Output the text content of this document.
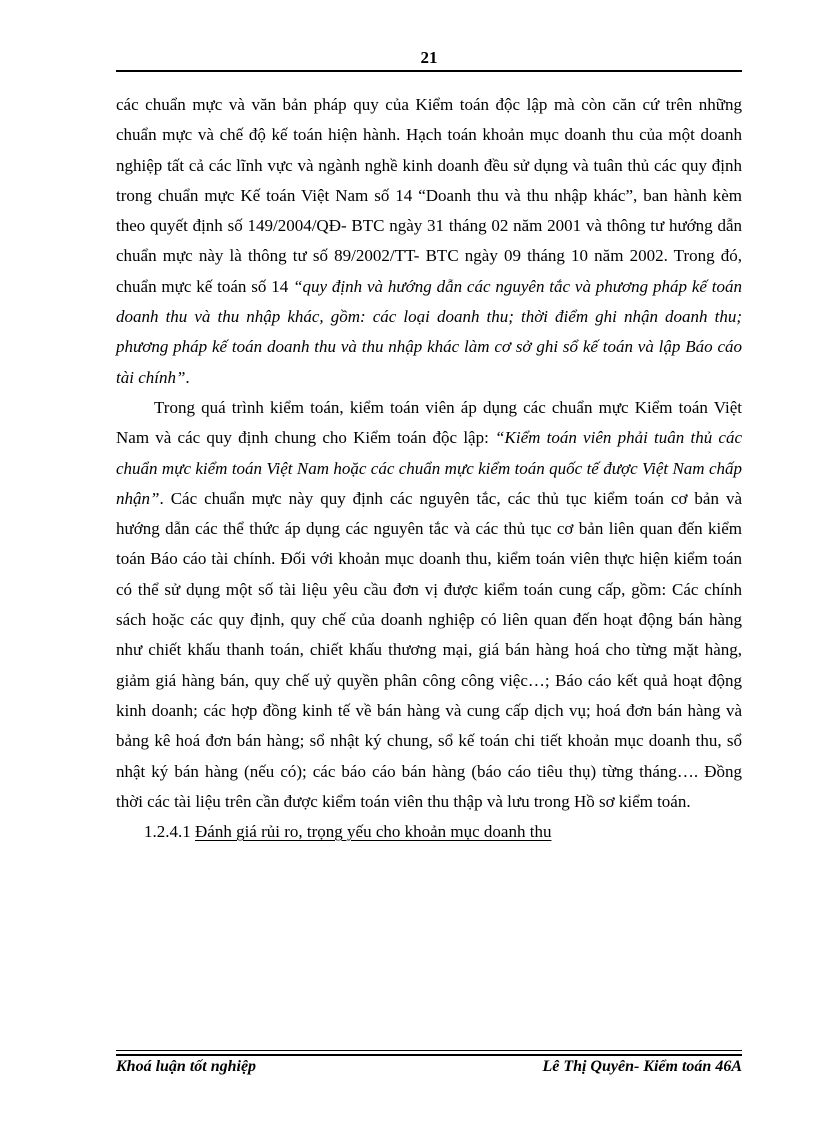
21

các chuẩn mực và văn bản pháp quy của Kiểm toán độc lập mà còn căn cứ trên những chuẩn mực và chế độ kế toán hiện hành. Hạch toán khoản mục doanh thu của một doanh nghiệp tất cả các lĩnh vực và ngành nghề kinh doanh đều sử dụng và tuân thủ các quy định trong chuẩn mực Kế toán Việt Nam số 14 “Doanh thu và thu nhập khác”, ban hành kèm theo quyết định số 149/2004/QĐ- BTC ngày 31 tháng 02 năm 2001 và thông tư hướng dẫn chuẩn mực này là thông tư số 89/2002/TT- BTC ngày 09 tháng 10 năm 2002. Trong đó, chuẩn mực kế toán số 14 “quy định và hướng dẫn các nguyên tắc và phương pháp kế toán doanh thu và thu nhập khác, gồm: các loại doanh thu; thời điểm ghi nhận doanh thu; phương pháp kế toán doanh thu và thu nhập khác làm cơ sở ghi sổ kế toán và lập Báo cáo tài chính”.

Trong quá trình kiểm toán, kiểm toán viên áp dụng các chuẩn mực Kiểm toán Việt Nam và các quy định chung cho Kiểm toán độc lập: “Kiểm toán viên phải tuân thủ các chuẩn mực kiểm toán Việt Nam hoặc các chuẩn mực kiểm toán quốc tế được Việt Nam chấp nhận”. Các chuẩn mực này quy định các nguyên tắc, các thủ tục kiểm toán cơ bản và hướng dẫn các thể thức áp dụng các nguyên tắc và các thủ tục cơ bản liên quan đến kiểm toán Báo cáo tài chính. Đối với khoản mục doanh thu, kiểm toán viên thực hiện kiểm toán có thể sử dụng một số tài liệu yêu cầu đơn vị được kiểm toán cung cấp, gồm: Các chính sách hoặc các quy định, quy chế của doanh nghiệp có liên quan đến hoạt động bán hàng như chiết khấu thanh toán, chiết khấu thương mại, giá bán hàng hoá cho từng mặt hàng, giảm giá hàng bán, quy chế uỷ quyền phân công công việc…; Báo cáo kết quả hoạt động kinh doanh; các hợp đồng kinh tế về bán hàng và cung cấp dịch vụ; hoá đơn bán hàng và bảng kê hoá đơn bán hàng; sổ nhật ký chung, sổ kế toán chi tiết khoản mục doanh thu, sổ nhật ký bán hàng (nếu có); các báo cáo bán hàng (báo cáo tiêu thụ) từng tháng…. Đồng thời các tài liệu trên cần được kiểm toán viên thu thập và lưu trong Hồ sơ kiểm toán.

1.2.4.1 Đánh giá rủi ro, trọng yếu cho khoản mục doanh thu

Khoá luận tốt nghiệp	Lê Thị Quyên- Kiểm toán 46A
